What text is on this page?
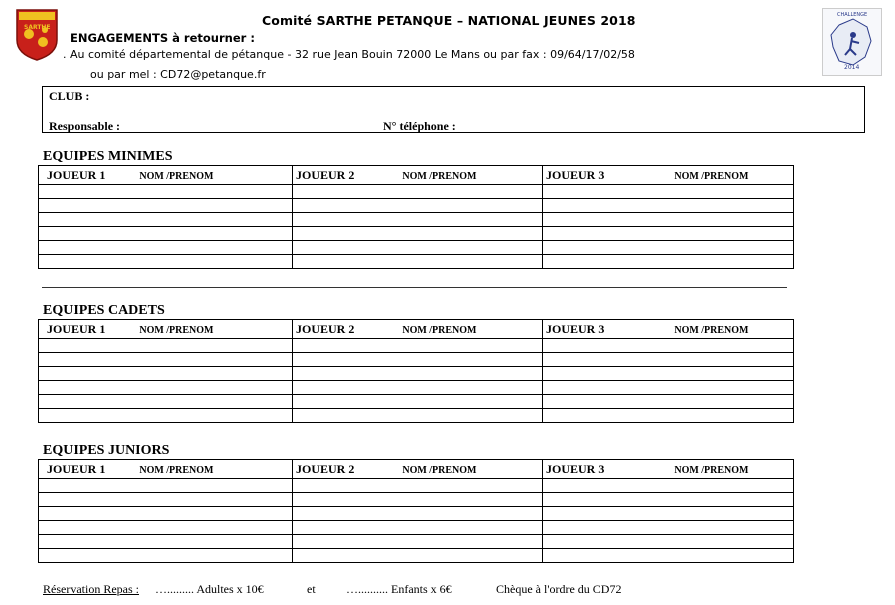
SARTHE
CHALLENGE
2014
Comité SARTHE PETANQUE – NATIONAL JEUNES 2018
ENGAGEMENTS à retourner :
. Au comité départemental de pétanque - 32 rue Jean Bouin 72000 Le Mans ou par fax : 09/64/17/02/58
ou par mel : CD72@petanque.fr
CLUB :
Responsable :	N° téléphone :
EQUIPES MINIMES
JOUEUR 1 NOM /PRENOM	JOUEUR 2 NOM /PRENOM	JOUEUR 3 NOM /PRENOM

EQUIPES CADETS
JOUEUR 1 NOM /PRENOM	JOUEUR 2 NOM /PRENOM	JOUEUR 3 NOM /PRENOM

EQUIPES JUNIORS
JOUEUR 1 NOM /PRENOM	JOUEUR 2 NOM /PRENOM	JOUEUR 3 NOM /PRENOM

Réservation Repas : …......... Adultes x 10€	et	….......... Enfants x 6€	Chèque à l'ordre du CD72
